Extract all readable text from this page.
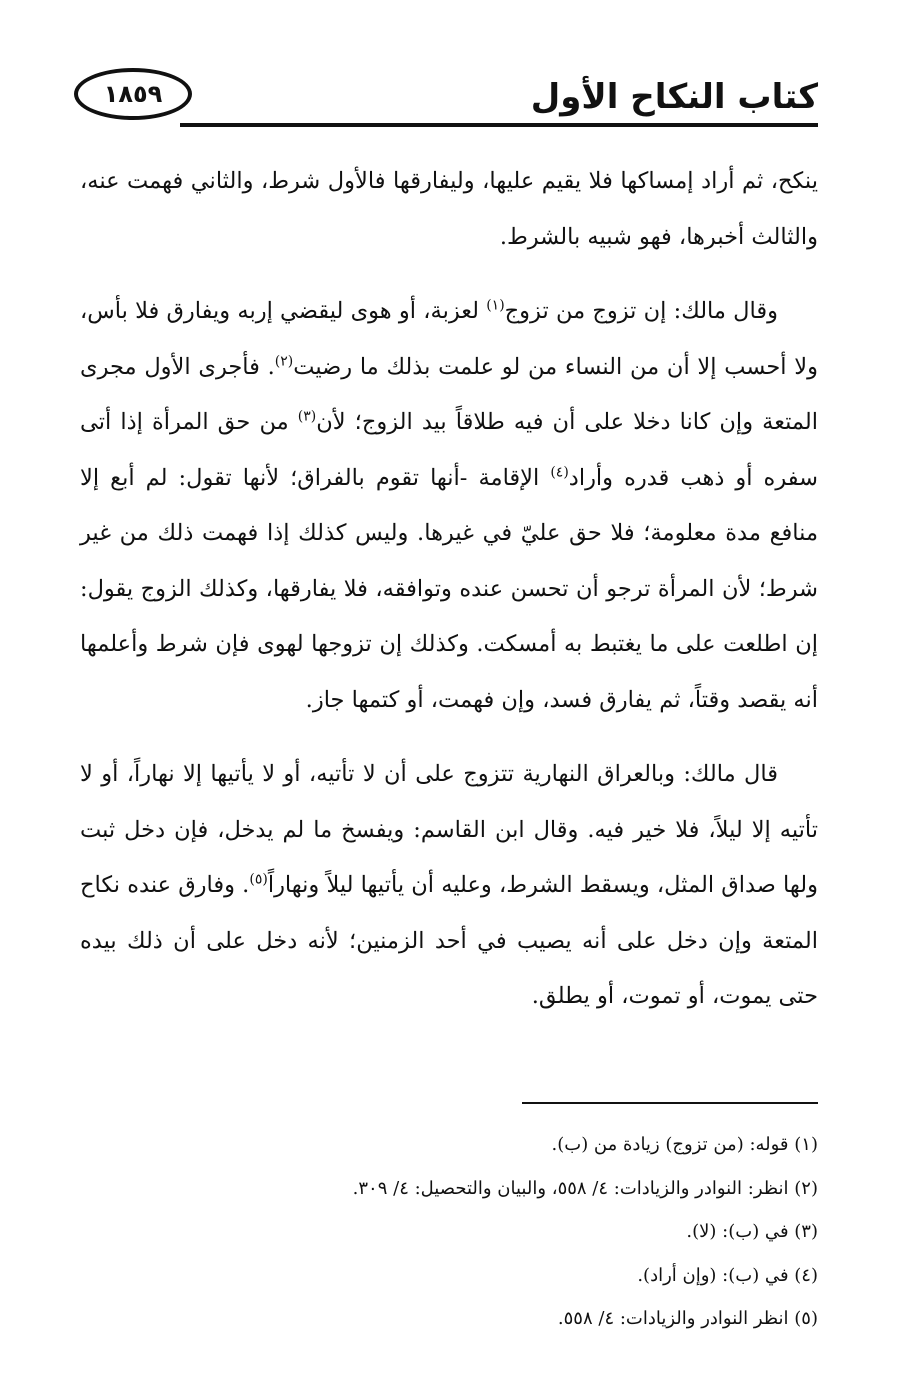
كتاب النكاح الأول
١٨٥٩

ينكح، ثم أراد إمساكها فلا يقيم عليها، وليفارقها فالأول شرط، والثاني فهمت عنه، والثالث أخبرها، فهو شبيه بالشرط.

وقال مالك: إن تزوج من تزوج$^{(١)}$ لعزبة، أو هوى ليقضي إربه ويفارق فلا بأس، ولا أحسب إلا أن من النساء من لو علمت بذلك ما رضيت$^{(٢)}$. فأجرى الأول مجرى المتعة وإن كانا دخلا على أن فيه طلاقاً بيد الزوج؛ لأن$^{(٣)}$ من حق المرأة إذا أتى سفره أو ذهب قدره وأراد$^{(٤)}$ الإقامة -أنها تقوم بالفراق؛ لأنها تقول: لم أبع إلا منافع مدة معلومة؛ فلا حق عليّ في غيرها. وليس كذلك إذا فهمت ذلك من غير شرط؛ لأن المرأة ترجو أن تحسن عنده وتوافقه، فلا يفارقها، وكذلك الزوج يقول: إن اطلعت على ما يغتبط به أمسكت. وكذلك إن تزوجها لهوى فإن شرط وأعلمها أنه يقصد وقتاً، ثم يفارق فسد، وإن فهمت، أو كتمها جاز.

قال مالك: وبالعراق النهارية تتزوج على أن لا تأتيه، أو لا يأتيها إلا نهاراً، أو لا تأتيه إلا ليلاً، فلا خير فيه. وقال ابن القاسم: ويفسخ ما لم يدخل، فإن دخل ثبت ولها صداق المثل، ويسقط الشرط، وعليه أن يأتيها ليلاً ونهاراً$^{(٥)}$. وفارق عنده نكاح المتعة وإن دخل على أنه يصيب في أحد الزمنين؛ لأنه دخل على أن ذلك بيده حتى يموت، أو تموت، أو يطلق.

(١) قوله: (من تزوج) زيادة من (ب).
(٢) انظر: النوادر والزيادات: ٤/ ٥٥٨، والبيان والتحصيل: ٤/ ٣٠٩.
(٣) في (ب): (لا).
(٤) في (ب): (وإن أراد).
(٥) انظر النوادر والزيادات: ٤/ ٥٥٨.
